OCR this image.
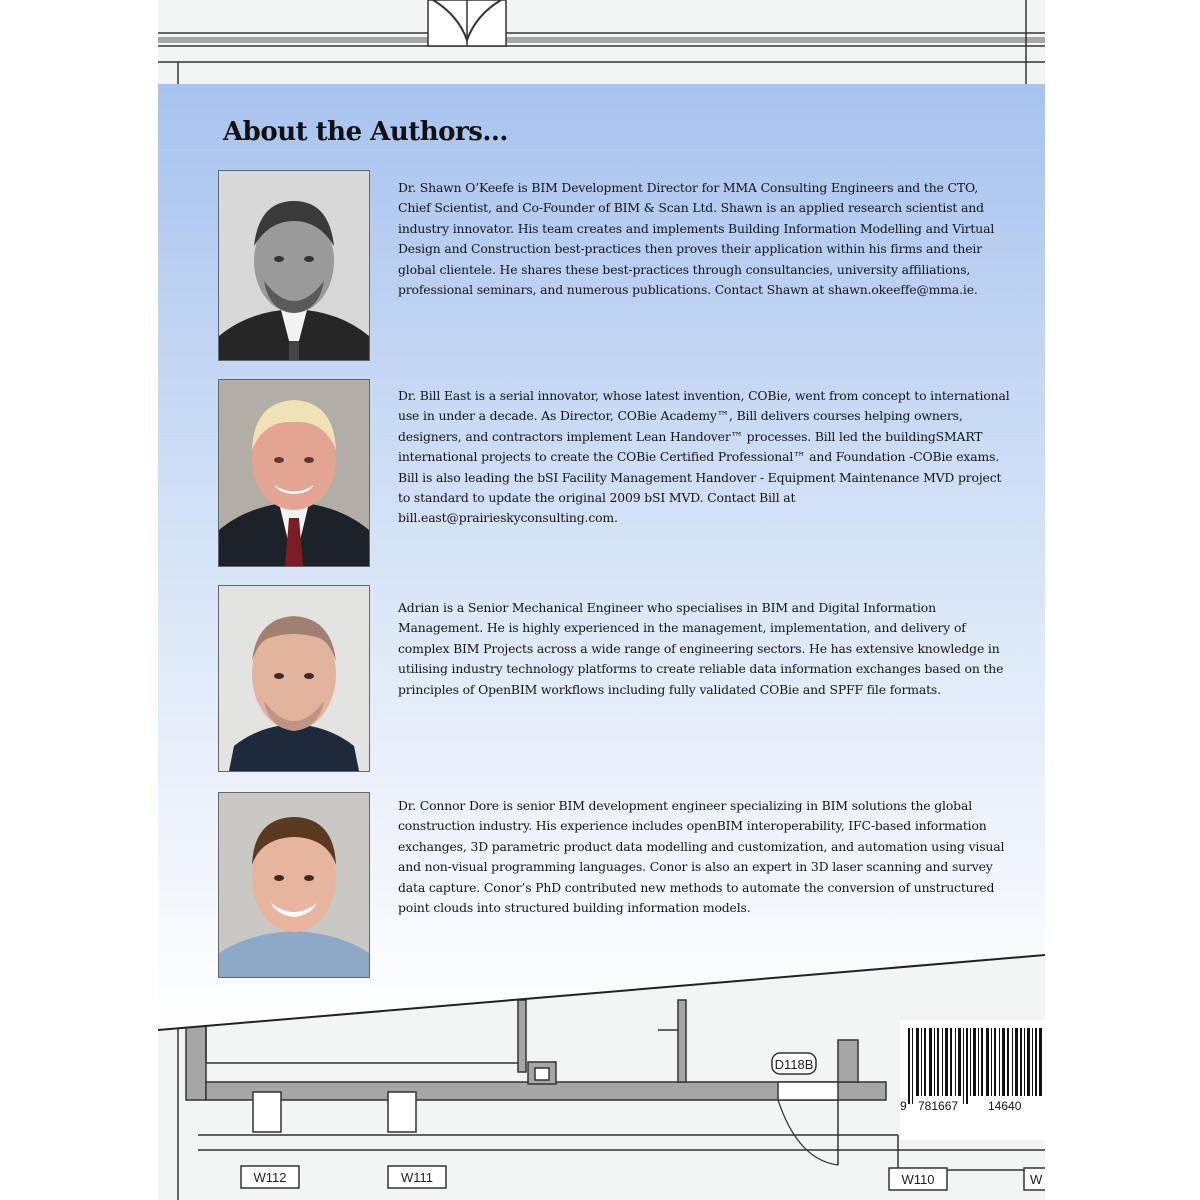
D118B
W112	W111	W110	W
About the Authors...

Dr. Shawn O’Keefe is BIM Development Director for MMA Consulting Engineers and the CTO, Chief Scientist, and Co-Founder of BIM & Scan Ltd. Shawn is an applied research scientist and industry innovator. His team creates and implements Building Information Modelling and Virtual Design and Construction best-practices then proves their application within his firms and their global clientele. He shares these best-practices through consultancies, university affiliations, professional seminars, and numerous publications. Contact Shawn at shawn.okeeffe@mma.ie.

Dr. Bill East is a serial innovator, whose latest invention, COBie, went from concept to international use in under a decade. As Director, COBie Academy™, Bill delivers courses helping owners, designers, and contractors implement Lean Handover™ processes. Bill led the buildingSMART international projects to create the COBie Certified Professional™ and Foundation -COBie exams. Bill is also leading the bSI Facility Management Handover - Equipment Maintenance MVD project to standard to update the original 2009 bSI MVD. Contact Bill at bill.east@prairieskyconsulting.com.

Adrian is a Senior Mechanical Engineer who specialises in BIM and Digital Information Management. He is highly experienced in the management, implementation, and delivery of complex BIM Projects across a wide range of engineering sectors. He has extensive knowledge in utilising industry technology platforms to create reliable data information exchanges based on the principles of OpenBIM workflows including fully validated COBie and SPFF file formats.

Dr. Connor Dore is senior BIM development engineer specializing in BIM solutions the global construction industry. His experience includes openBIM interoperability, IFC-based information exchanges, 3D parametric product data modelling and customization, and automation using visual and non-visual programming languages. Conor is also an expert in 3D laser scanning and survey data capture. Conor’s PhD contributed new methods to automate the conversion of unstructured point clouds into structured building information models.

9 781667 14640
